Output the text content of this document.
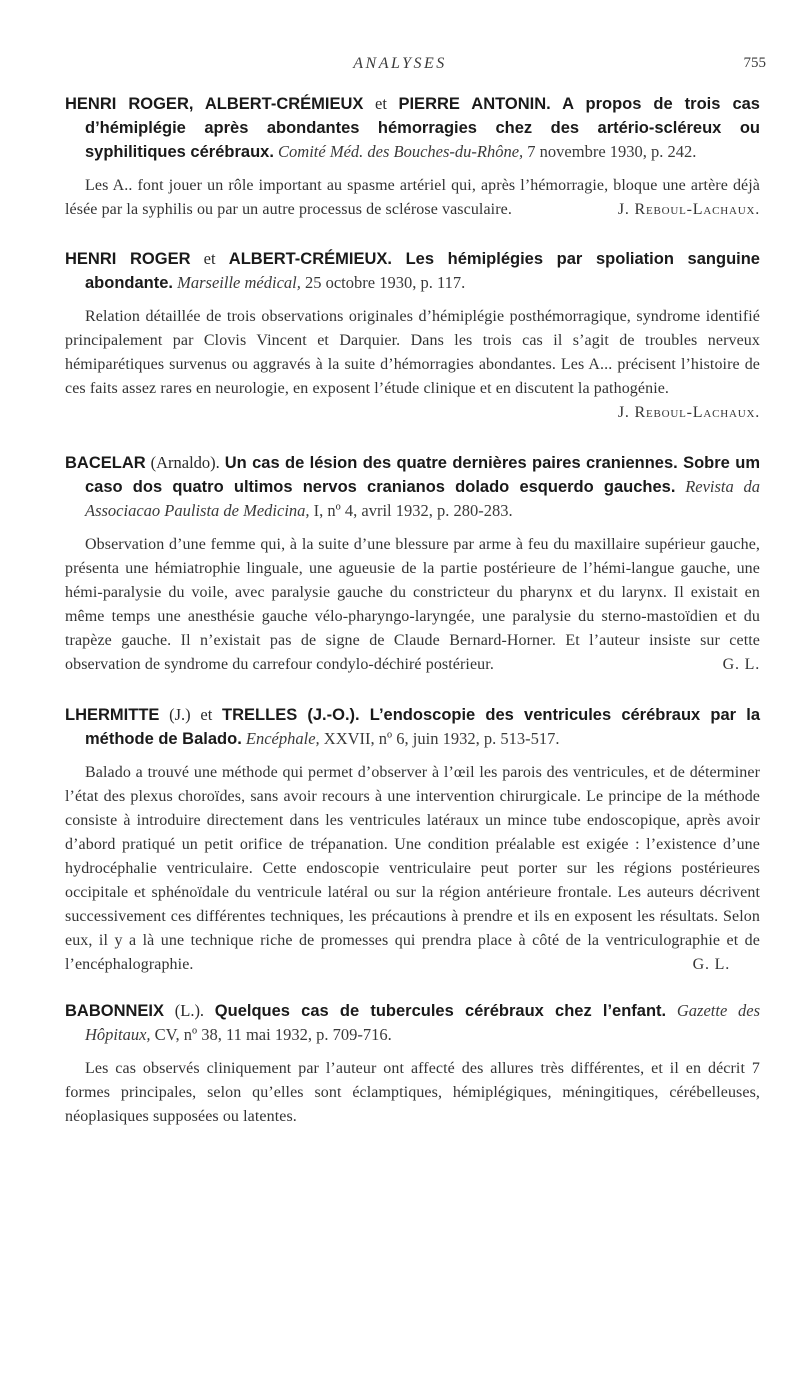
ANALYSES	755

HENRI ROGER, ALBERT-CRÉMIEUX et PIERRE ANTONIN. A propos de trois cas d’hémiplégie après abondantes hémorragies chez des artério-scléreux ou syphilitiques cérébraux. Comité Méd. des Bouches-du-Rhône, 7 novembre 1930, p. 242.

Les A.. font jouer un rôle important au spasme artériel qui, après l’hémorragie, bloque une artère déjà lésée par la syphilis ou par un autre processus de sclérose vasculaire.	J. Reboul-Lachaux.

HENRI ROGER et ALBERT-CRÉMIEUX. Les hémiplégies par spoliation sanguine abondante. Marseille médical, 25 octobre 1930, p. 117.

Relation détaillée de trois observations originales d’hémiplégie posthémorragique, syndrome identifié principalement par Clovis Vincent et Darquier. Dans les trois cas il s’agit de troubles nerveux hémiparétiques survenus ou aggravés à la suite d’hémorragies abondantes. Les A... précisent l’histoire de ces faits assez rares en neurologie, en exposent l’étude clinique et en discutent la pathogénie.
J. Reboul-Lachaux.

BACELAR (Arnaldo). Un cas de lésion des quatre dernières paires craniennes. Sobre um caso dos quatro ultimos nervos cranianos dolado esquerdo gauches. Revista da Associacao Paulista de Medicina, I, nº 4, avril 1932, p. 280-283.

Observation d’une femme qui, à la suite d’une blessure par arme à feu du maxillaire supérieur gauche, présenta une hémiatrophie linguale, une agueusie de la partie postérieure de l’hémi-langue gauche, une hémi-paralysie du voile, avec paralysie gauche du constricteur du pharynx et du larynx. Il existait en même temps une anesthésie gauche vélo-pharyngo-laryngée, une paralysie du sterno-mastoïdien et du trapèze gauche. Il n’existait pas de signe de Claude Bernard-Horner. Et l’auteur insiste sur cette observation de syndrome du carrefour condylo-déchiré postérieur.	G. L.

LHERMITTE (J.) et TRELLES (J.-O.). L’endoscopie des ventricules cérébraux par la méthode de Balado. Encéphale, XXVII, nº 6, juin 1932, p. 513-517.

Balado a trouvé une méthode qui permet d’observer à l’œil les parois des ventricules, et de déterminer l’état des plexus choroïdes, sans avoir recours à une intervention chirurgicale. Le principe de la méthode consiste à introduire directement dans les ventricules latéraux un mince tube endoscopique, après avoir d’abord pratiqué un petit orifice de trépanation. Une condition préalable est exigée : l’existence d’une hydrocéphalie ventriculaire. Cette endoscopie ventriculaire peut porter sur les régions postérieures occipitale et sphénoïdale du ventricule latéral ou sur la région antérieure frontale. Les auteurs décrivent successivement ces différentes techniques, les précautions à prendre et ils en exposent les résultats. Selon eux, il y a là une technique riche de promesses qui prendra place à côté de la ventriculographie et de l’encéphalographie.	G. L.

BABONNEIX (L.). Quelques cas de tubercules cérébraux chez l’enfant. Gazette des Hôpitaux, CV, nº 38, 11 mai 1932, p. 709-716.

Les cas observés cliniquement par l’auteur ont affecté des allures très différentes, et il en décrit 7 formes principales, selon qu’elles sont éclamptiques, hémiplégiques, méningitiques, cérébelleuses, néoplasiques supposées ou latentes.
